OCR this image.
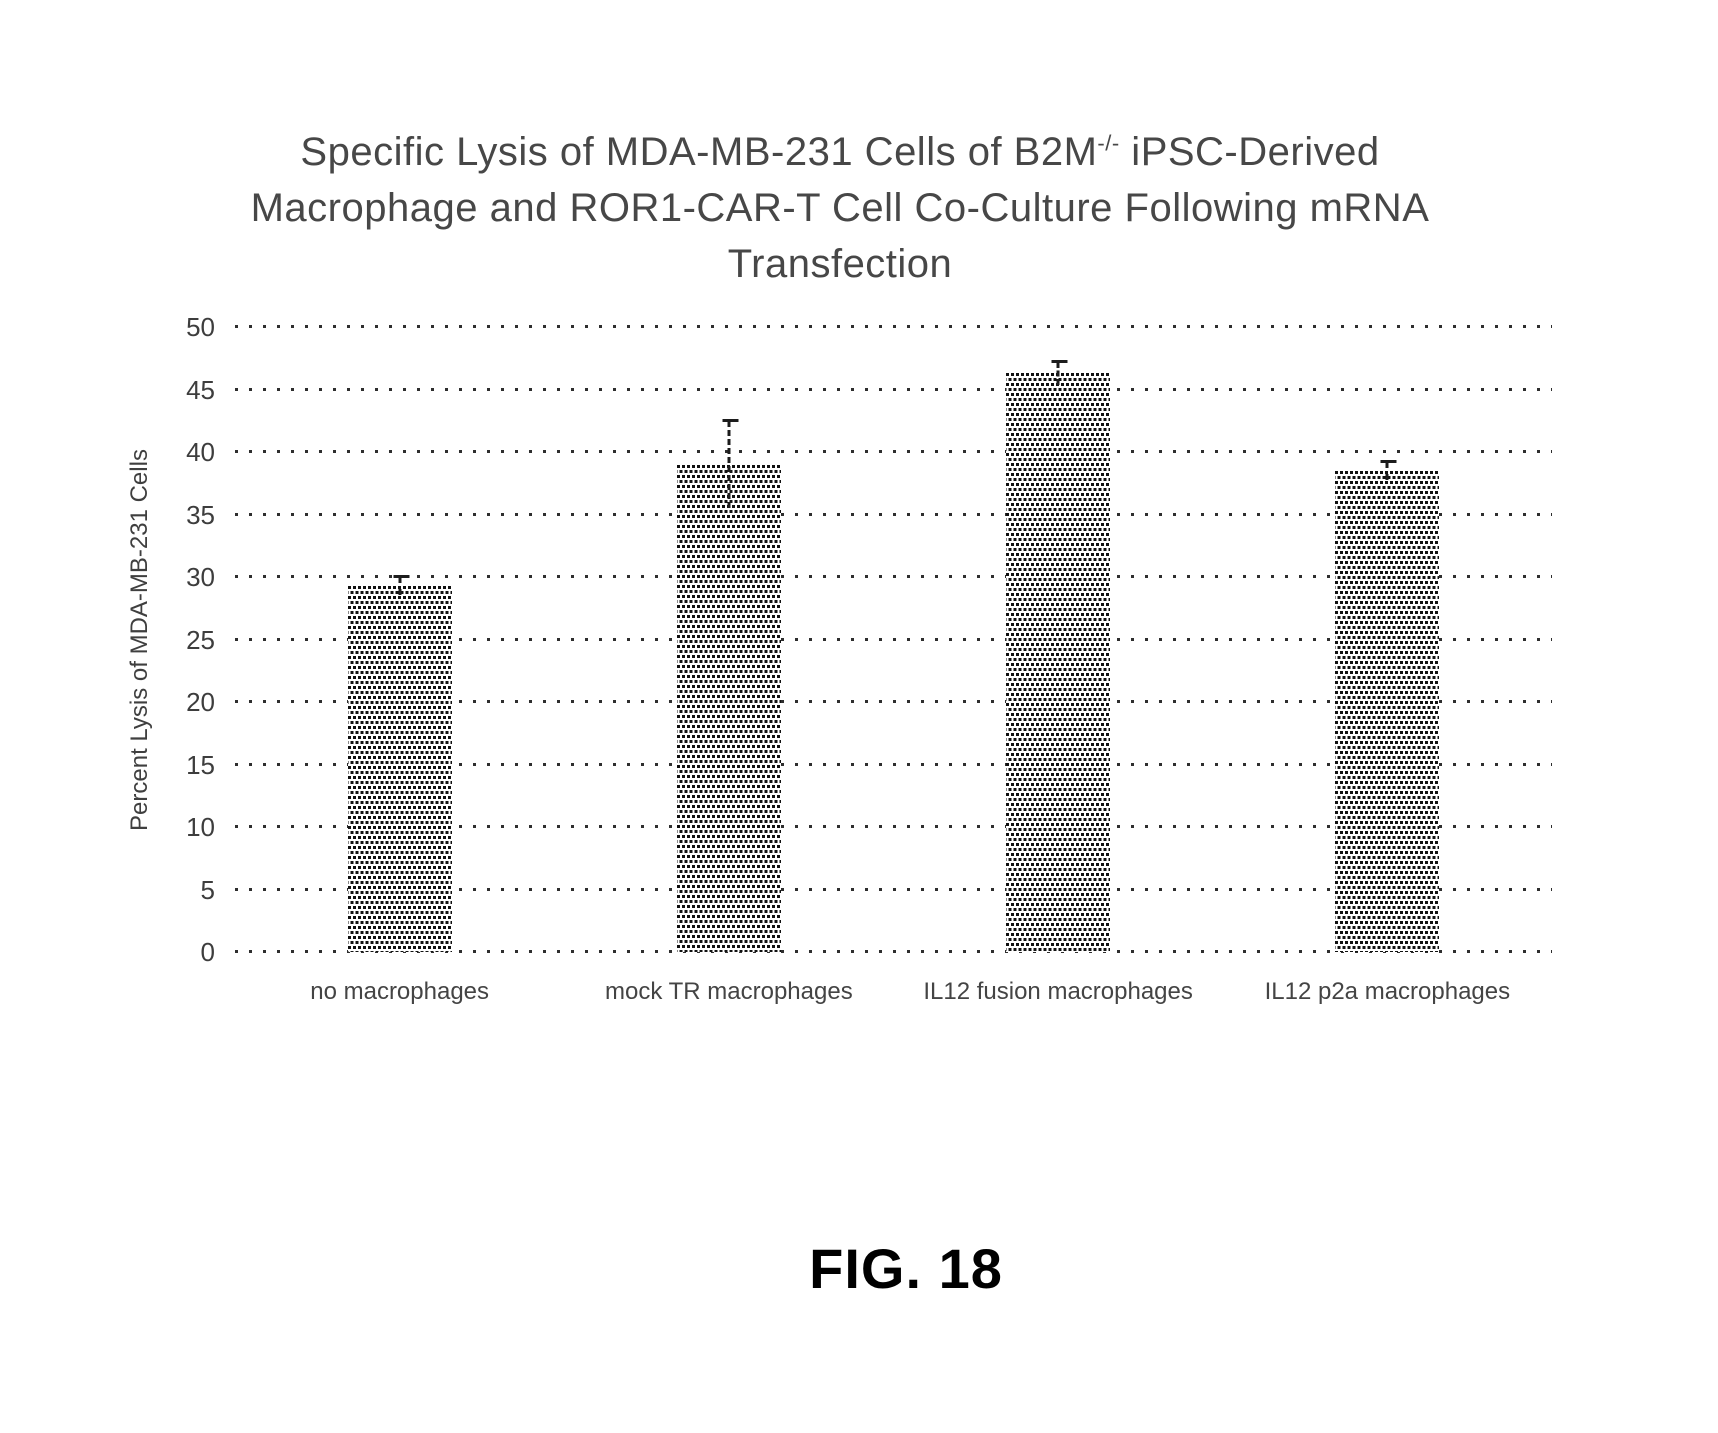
Specific Lysis of MDA-MB-231 Cells of B2M-/- iPSC-Derived
Macrophage and ROR1-CAR-T Cell Co-Culture Following mRNA
Transfection
Percent Lysis of MDA-MB-231 Cells
0
5
10
15
20
25
30
35
40
45
50
no macrophages	mock TR macrophages	IL12 fusion macrophages	IL12 p2a macrophages
FIG. 18
